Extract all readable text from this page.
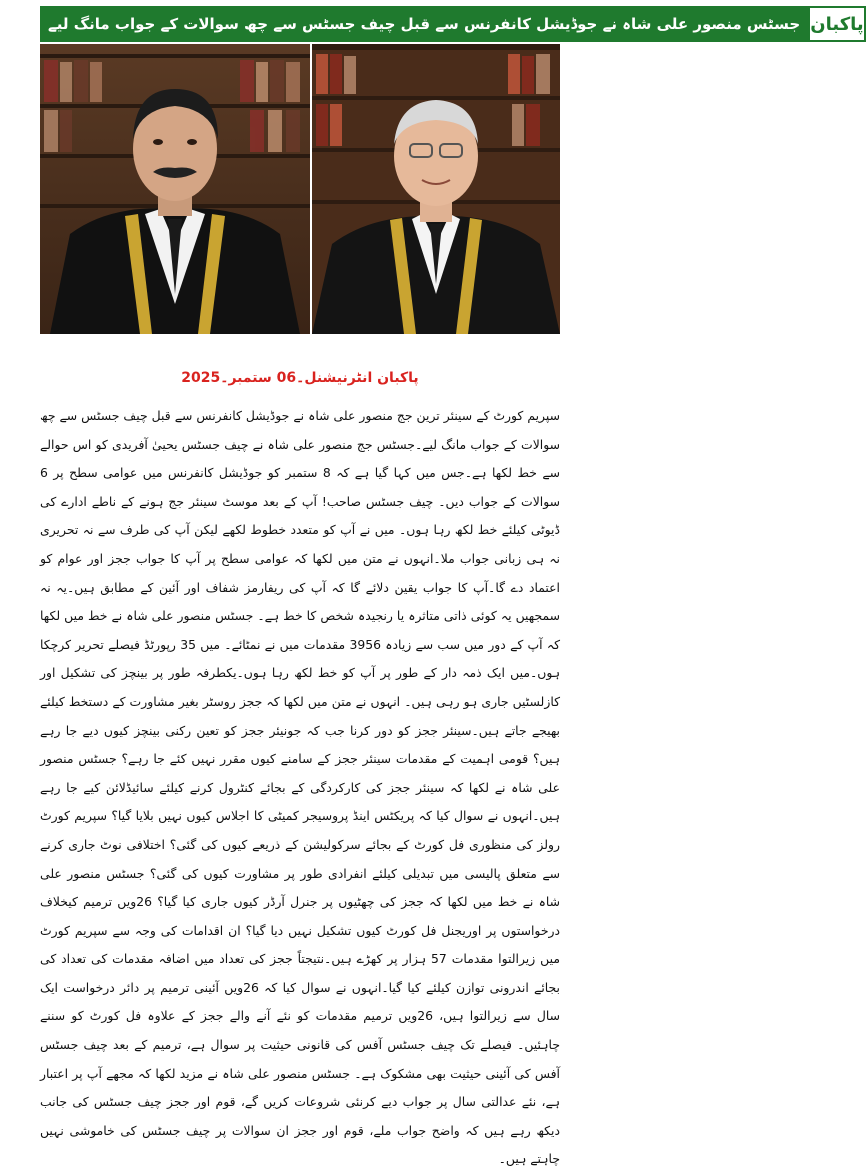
جسٹس منصور علی شاہ نے جوڈیشل کانفرنس سے قبل چیف جسٹس سے چھ سوالات کے جواب مانگ لیے پاکبان
پاکبان انٹرنیشنل۔06 ستمبر۔2025

سپریم کورٹ کے سینئر ترین جج منصور علی شاہ نے جوڈیشل کانفرنس سے قبل چیف جسٹس سے چھ سوالات کے جواب مانگ لیے۔جسٹس جج منصور علی شاہ نے چیف جسٹس یحییٰ آفریدی کو اس حوالے سے خط لکھا ہے۔جس میں کہا گیا ہے کہ 8 ستمبر کو جوڈیشل کانفرنس میں عوامی سطح پر 6 سوالات کے جواب دیں۔ چیف جسٹس صاحب! آپ کے بعد موسٹ سینئر جج ہونے کے ناطے ادارے کی ڈیوٹی کیلئے خط لکھ رہا ہوں۔ میں نے آپ کو متعدد خطوط لکھے لیکن آپ کی طرف سے نہ تحریری نہ ہی زبانی جواب ملا۔انہوں نے متن میں لکھا کہ عوامی سطح پر آپ کا جواب ججز اور عوام کو اعتماد دے گا۔آپ کا جواب یقین دلائے گا کہ آپ کی ریفارمز شفاف اور آئین کے مطابق ہیں۔یہ نہ سمجھیں یہ کوئی ذاتی متاثرہ یا رنجیدہ شخص کا خط ہے۔ جسٹس منصور علی شاہ نے خط میں لکھا کہ آپ کے دور میں سب سے زیادہ 3956 مقدمات میں نے نمٹائے۔ میں 35 رپورٹڈ فیصلے تحریر کرچکا ہوں۔میں ایک ذمہ دار کے طور پر آپ کو خط لکھ رہا ہوں۔یکطرفہ طور پر بینچز کی تشکیل اور کازلسٹیں جاری ہو رہی ہیں۔ انہوں نے متن میں لکھا کہ ججز روسٹر بغیر مشاورت کے دستخط کیلئے بھیجے جاتے ہیں۔سینئر ججز کو دور کرنا جب کہ جونیئر ججز کو تعین رکنی بینچز کیوں دیے جا رہے ہیں؟ قومی اہمیت کے مقدمات سینئر ججز کے سامنے کیوں مقرر نہیں کئے جا رہے؟ جسٹس منصور علی شاہ نے لکھا کہ سینئر ججز کی کارکردگی کے بجائے کنٹرول کرنے کیلئے سائیڈلائن کیے جا رہے ہیں۔انہوں نے سوال کیا کہ پریکٹس اینڈ پروسیجر کمیٹی کا اجلاس کیوں نہیں بلایا گیا؟ سپریم کورٹ رولز کی منظوری فل کورٹ کے بجائے سرکولیشن کے ذریعے کیوں کی گئی؟ اختلافی نوٹ جاری کرنے سے متعلق پالیسی میں تبدیلی کیلئے انفرادی طور پر مشاورت کیوں کی گئی؟ جسٹس منصور علی شاہ نے خط میں لکھا کہ ججز کی چھٹیوں پر جنرل آرڈر کیوں جاری کیا گیا؟ 26ویں ترمیم کیخلاف درخواستوں پر اوریجنل فل کورٹ کیوں تشکیل نہیں دیا گیا؟ ان اقدامات کی وجہ سے سپریم کورٹ میں زیرالتوا مقدمات 57 ہزار پر کھڑے ہیں۔نتیجتاً ججز کی تعداد میں اضافہ مقدمات کی تعداد کی بجائے اندرونی توازن کیلئے کیا گیا۔انہوں نے سوال کیا کہ 26ویں آئینی ترمیم پر دائر درخواست ایک سال سے زیرالتوا ہیں، 26ویں ترمیم مقدمات کو نئے آنے والے ججز کے علاوہ فل کورٹ کو سننے چاہئیں۔ فیصلے تک چیف جسٹس آفس کی قانونی حیثیت پر سوال ہے، ترمیم کے بعد چیف جسٹس آفس کی آئینی حیثیت بھی مشکوک ہے۔ جسٹس منصور علی شاہ نے مزید لکھا کہ مجھے آپ پر اعتبار ہے، نئے عدالتی سال پر جواب دیے کرنئی شروعات کریں گے، قوم اور ججز چیف جسٹس کی جانب دیکھ رہے ہیں کہ واضح جواب ملے، قوم اور ججز ان سوالات پر چیف جسٹس کی خاموشی نہیں چاہتے ہیں۔
